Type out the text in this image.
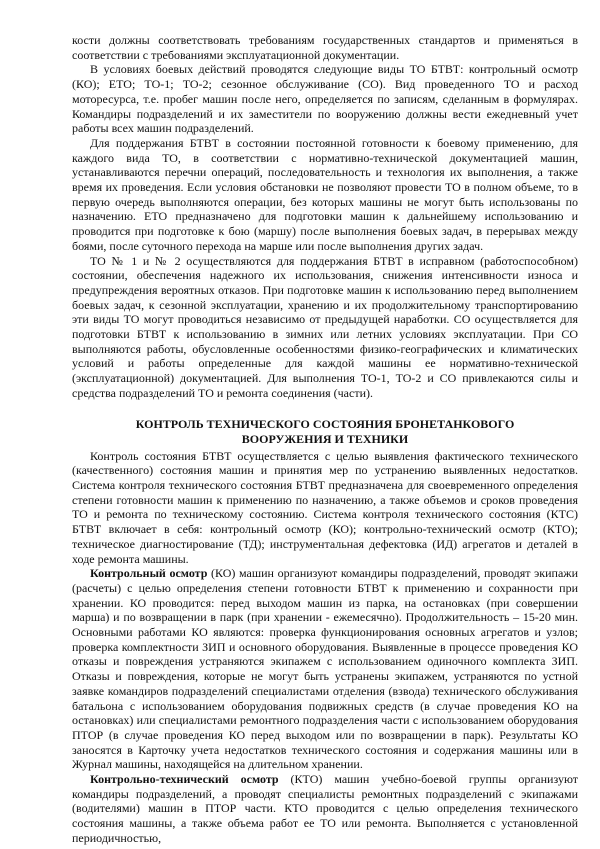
кости должны соответствовать требованиям государственных стандартов и применяться в соответствии с требованиями эксплуатационной документации.

В условиях боевых действий проводятся следующие виды ТО БТВТ: контрольный осмотр (КО); ЕТО; ТО-1; ТО-2; сезонное обслуживание (СО). Вид проведенного ТО и расход моторесурса, т.е. пробег машин после него, определяется по записям, сделанным в формулярах. Командиры подразделений и их заместители по вооружению должны вести ежедневный учет работы всех машин подразделений.

Для поддержания БТВТ в состоянии постоянной готовности к боевому применению, для каждого вида ТО, в соответствии с нормативно-технической документацией машин, устанавливаются перечни операций, последовательность и технология их выполнения, а также время их проведения. Если условия обстановки не позволяют провести ТО в полном объеме, то в первую очередь выполняются операции, без которых машины не могут быть использованы по назначению. ЕТО предназначено для подготовки машин к дальнейшему использованию и проводится при подготовке к бою (маршу) после выполнения боевых задач, в перерывах между боями, после суточного перехода на марше или после выполнения других задач.

ТО № 1 и № 2 осуществляются для поддержания БТВТ в исправном (работоспособном) состоянии, обеспечения надежного их использования, снижения интенсивности износа и предупреждения вероятных отказов. При подготовке машин к использованию перед выполнением боевых задач, к сезонной эксплуатации, хранению и их продолжительному транспортированию эти виды ТО могут проводиться независимо от предыдущей наработки. СО осуществляется для подготовки БТВТ к использованию в зимних или летних условиях эксплуатации. При СО выполняются работы, обусловленные особенностями физико-географических и климатических условий и работы определенные для каждой машины ее нормативно-технической (эксплуатационной) документацией. Для выполнения ТО-1, ТО-2 и СО привлекаются силы и средства подразделений ТО и ремонта соединения (части).

КОНТРОЛЬ ТЕХНИЧЕСКОГО СОСТОЯНИЯ БРОНЕТАНКОВОГО
ВООРУЖЕНИЯ И ТЕХНИКИ

Контроль состояния БТВТ осуществляется с целью выявления фактического технического (качественного) состояния машин и принятия мер по устранению выявленных недостатков. Система контроля технического состояния БТВТ предназначена для своевременного определения степени готовности машин к применению по назначению, а также объемов и сроков проведения ТО и ремонта по техническому состоянию. Система контроля технического состояния (КТС) БТВТ включает в себя: контрольный осмотр (КО); контрольно-технический осмотр (КТО); техническое диагностирование (ТД); инструментальная дефектовка (ИД) агрегатов и деталей в ходе ремонта машины.

Контрольный осмотр (КО) машин организуют командиры подразделений, проводят экипажи (расчеты) с целью определения степени готовности БТВТ к применению и сохранности при хранении. КО проводится: перед выходом машин из парка, на остановках (при совершении марша) и по возвращении в парк (при хранении - ежемесячно). Продолжительность – 15-20 мин. Основными работами КО являются: проверка функционирования основных агрегатов и узлов; проверка комплектности ЗИП и основного оборудования. Выявленные в процессе проведения КО отказы и повреждения устраняются экипажем с использованием одиночного комплекта ЗИП. Отказы и повреждения, которые не могут быть устранены экипажем, устраняются по устной заявке командиров подразделений специалистами отделения (взвода) технического обслуживания батальона с использованием оборудования подвижных средств (в случае проведения КО на остановках) или специалистами ремонтного подразделения части с использованием оборудования ПТОР (в случае проведения КО перед выходом или по возвращении в парк). Результаты КО заносятся в Карточку учета недостатков технического состояния и содержания машины или в Журнал машины, находящейся на длительном хранении.

Контрольно-технический осмотр (КТО) машин учебно-боевой группы организуют командиры подразделений, а проводят специалисты ремонтных подразделений с экипажами (водителями) машин в ПТОР части. КТО проводится с целью определения технического состояния машины, а также объема работ ее ТО или ремонта. Выполняется с установленной периодичностью,
